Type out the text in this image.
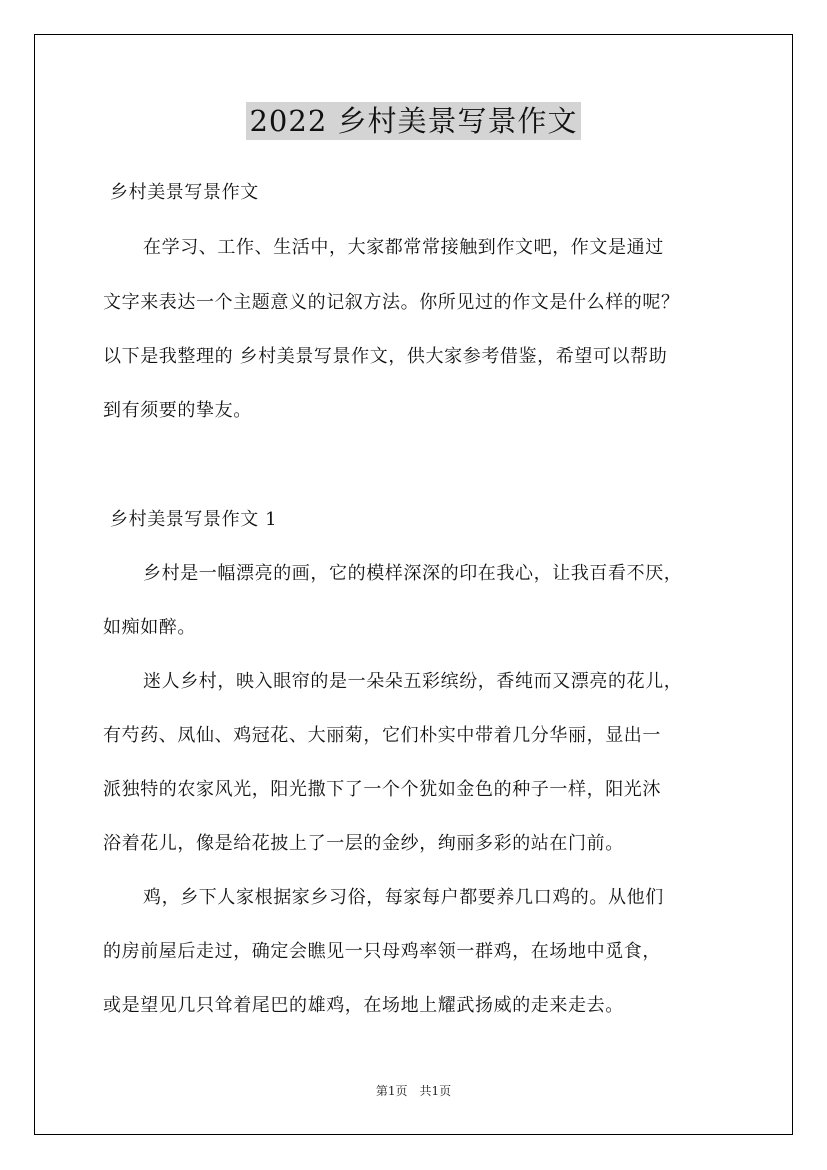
2022 乡村美景写景作文
乡村美景写景作文
在学习、工作、生活中，大家都常常接触到作文吧，作文是通过
文字来表达一个主题意义的记叙方法。你所见过的作文是什么样的呢？
以下是我整理的 乡村美景写景作文，供大家参考借鉴，希望可以帮助
到有须要的挚友。
乡村美景写景作文 1
乡村是一幅漂亮的画，它的模样深深的印在我心，让我百看不厌，
如痴如醉。
迷人乡村，映入眼帘的是一朵朵五彩缤纷，香纯而又漂亮的花儿，
有芍药、凤仙、鸡冠花、大丽菊，它们朴实中带着几分华丽，显出一
派独特的农家风光，阳光撒下了一个个犹如金色的种子一样，阳光沐
浴着花儿，像是给花披上了一层的金纱，绚丽多彩的站在门前。
鸡，乡下人家根据家乡习俗，每家每户都要养几口鸡的。从他们
的房前屋后走过，确定会瞧见一只母鸡率领一群鸡，在场地中觅食，
或是望见几只耸着尾巴的雄鸡，在场地上耀武扬威的走来走去。
第1页　共1页
